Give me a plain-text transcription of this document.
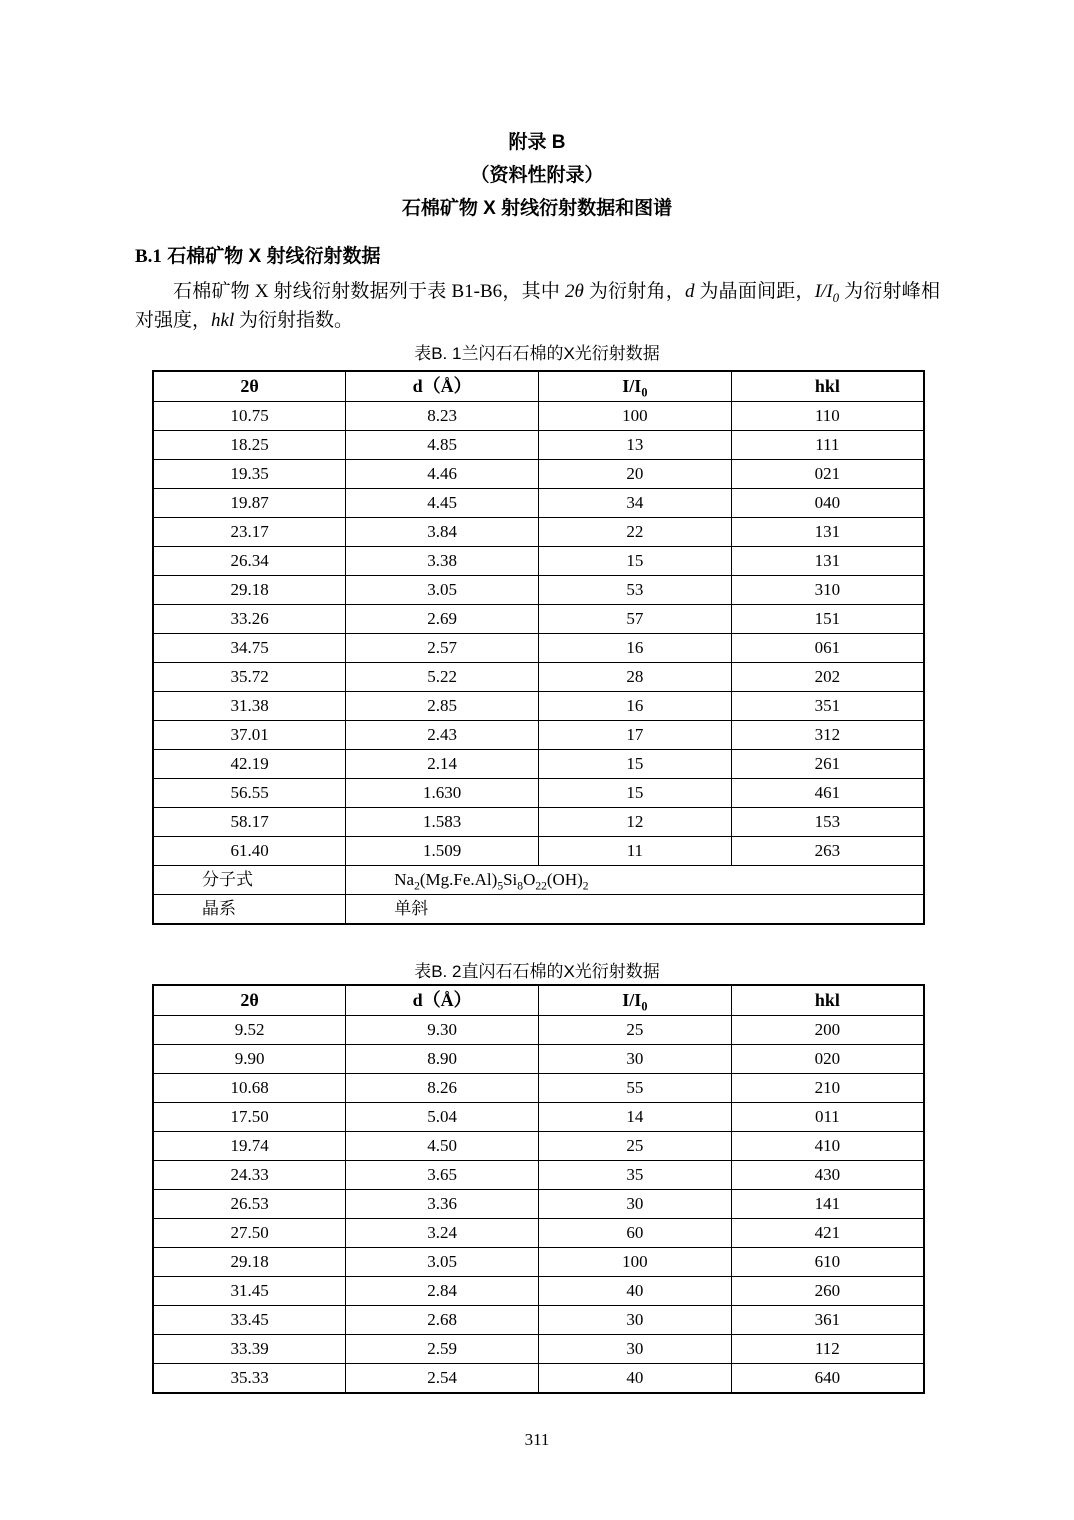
附录 B
（资料性附录）
石棉矿物 X 射线衍射数据和图谱
B.1 石棉矿物 X 射线衍射数据

石棉矿物 X 射线衍射数据列于表 B1-B6，其中 2θ 为衍射角，d 为晶面间距，$I/I_0$ 为衍射峰相对强度，hkl 为衍射指数。

表B. 1兰闪石石棉的X光衍射数据
2θ	d（Å）	$I/I_0$	hkl
10.75	8.23	100	110
18.25	4.85	13	111
19.35	4.46	20	021
19.87	4.45	34	040
23.17	3.84	22	131
26.34	3.38	15	131
29.18	3.05	53	310
33.26	2.69	57	151
34.75	2.57	16	061
35.72	5.22	28	202
31.38	2.85	16	351
37.01	2.43	17	312
42.19	2.14	15	261
56.55	1.630	15	461
58.17	1.583	12	153
61.40	1.509	11	263
分子式	$Na_2(Mg.Fe.Al)_5Si_8O_{22}(OH)_2$
晶系	单斜		
表B. 2直闪石石棉的X光衍射数据
2θ	d（Å）	$I/I_0$	hkl
9.52	9.30	25	200
9.90	8.90	30	020
10.68	8.26	55	210
17.50	5.04	14	011
19.74	4.50	25	410
24.33	3.65	35	430
26.53	3.36	30	141
27.50	3.24	60	421
29.18	3.05	100	610
31.45	2.84	40	260
33.45	2.68	30	361
33.39	2.59	30	112
35.33	2.54	40	640
311
